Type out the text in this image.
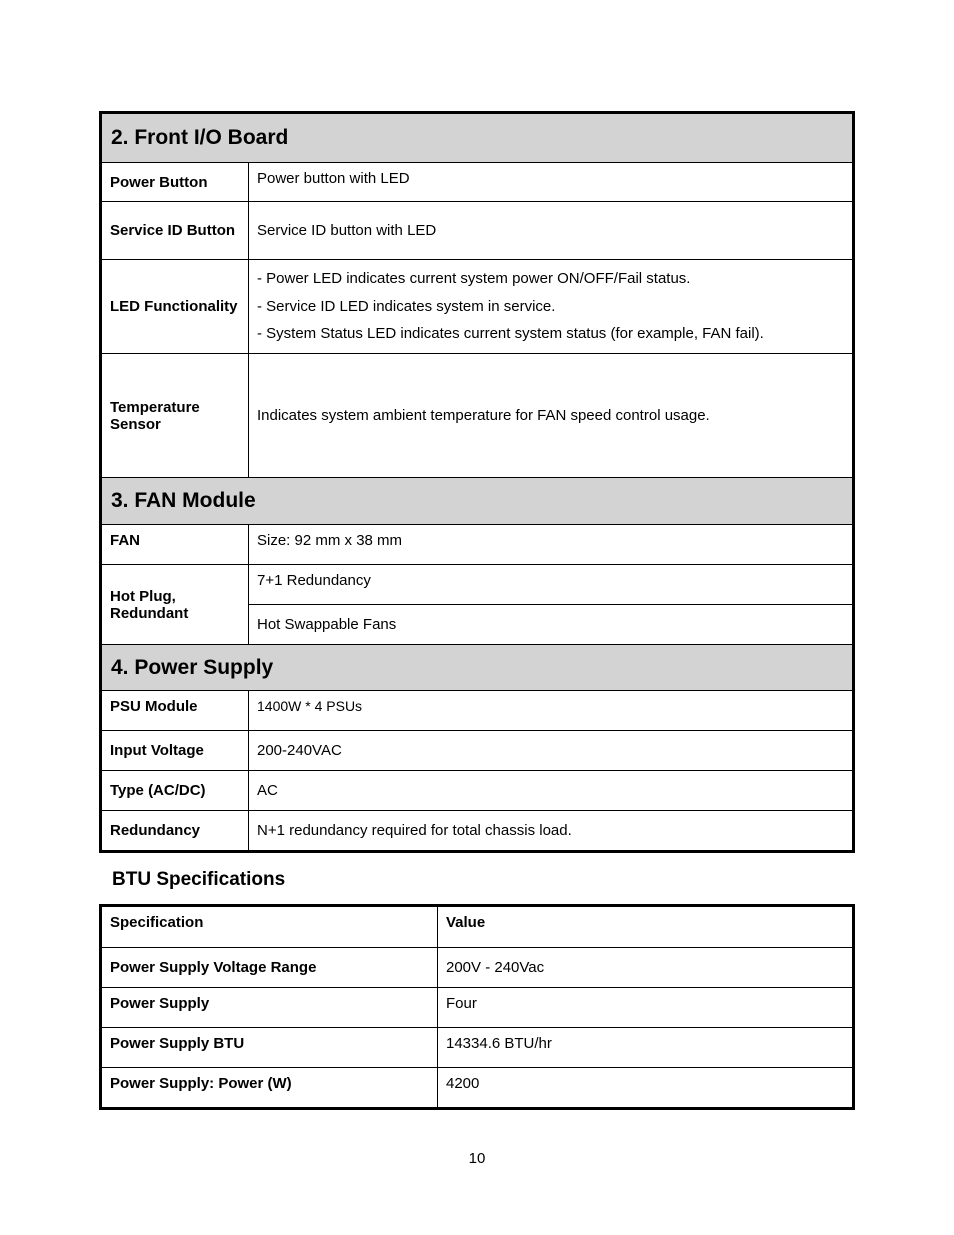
2. Front I/O Board	
Power Button	Power button with LED
Service ID Button	Service ID button with LED
LED Functionality	- Power LED indicates current system power ON/OFF/Fail status.

- Service ID LED indicates system in service.

- System Status LED indicates current system status (for example, FAN fail).

Temperature Sensor	Indicates system ambient temperature for FAN speed control usage.
3. FAN Module	
FAN	Size: 92 mm x 38 mm
Hot Plug, Redundant	7+1 Redundancy
	Hot Swappable Fans
4. Power Supply	
PSU Module	1400W * 4 PSUs
Input Voltage	200-240VAC
Type (AC/DC)	AC
Redundancy	N+1 redundancy required for total chassis load.
BTU Specifications
Specification	Value
Power Supply Voltage Range	200V - 240Vac
Power Supply	Four
Power Supply BTU	14334.6 BTU/hr
Power Supply: Power (W)	4200

10
